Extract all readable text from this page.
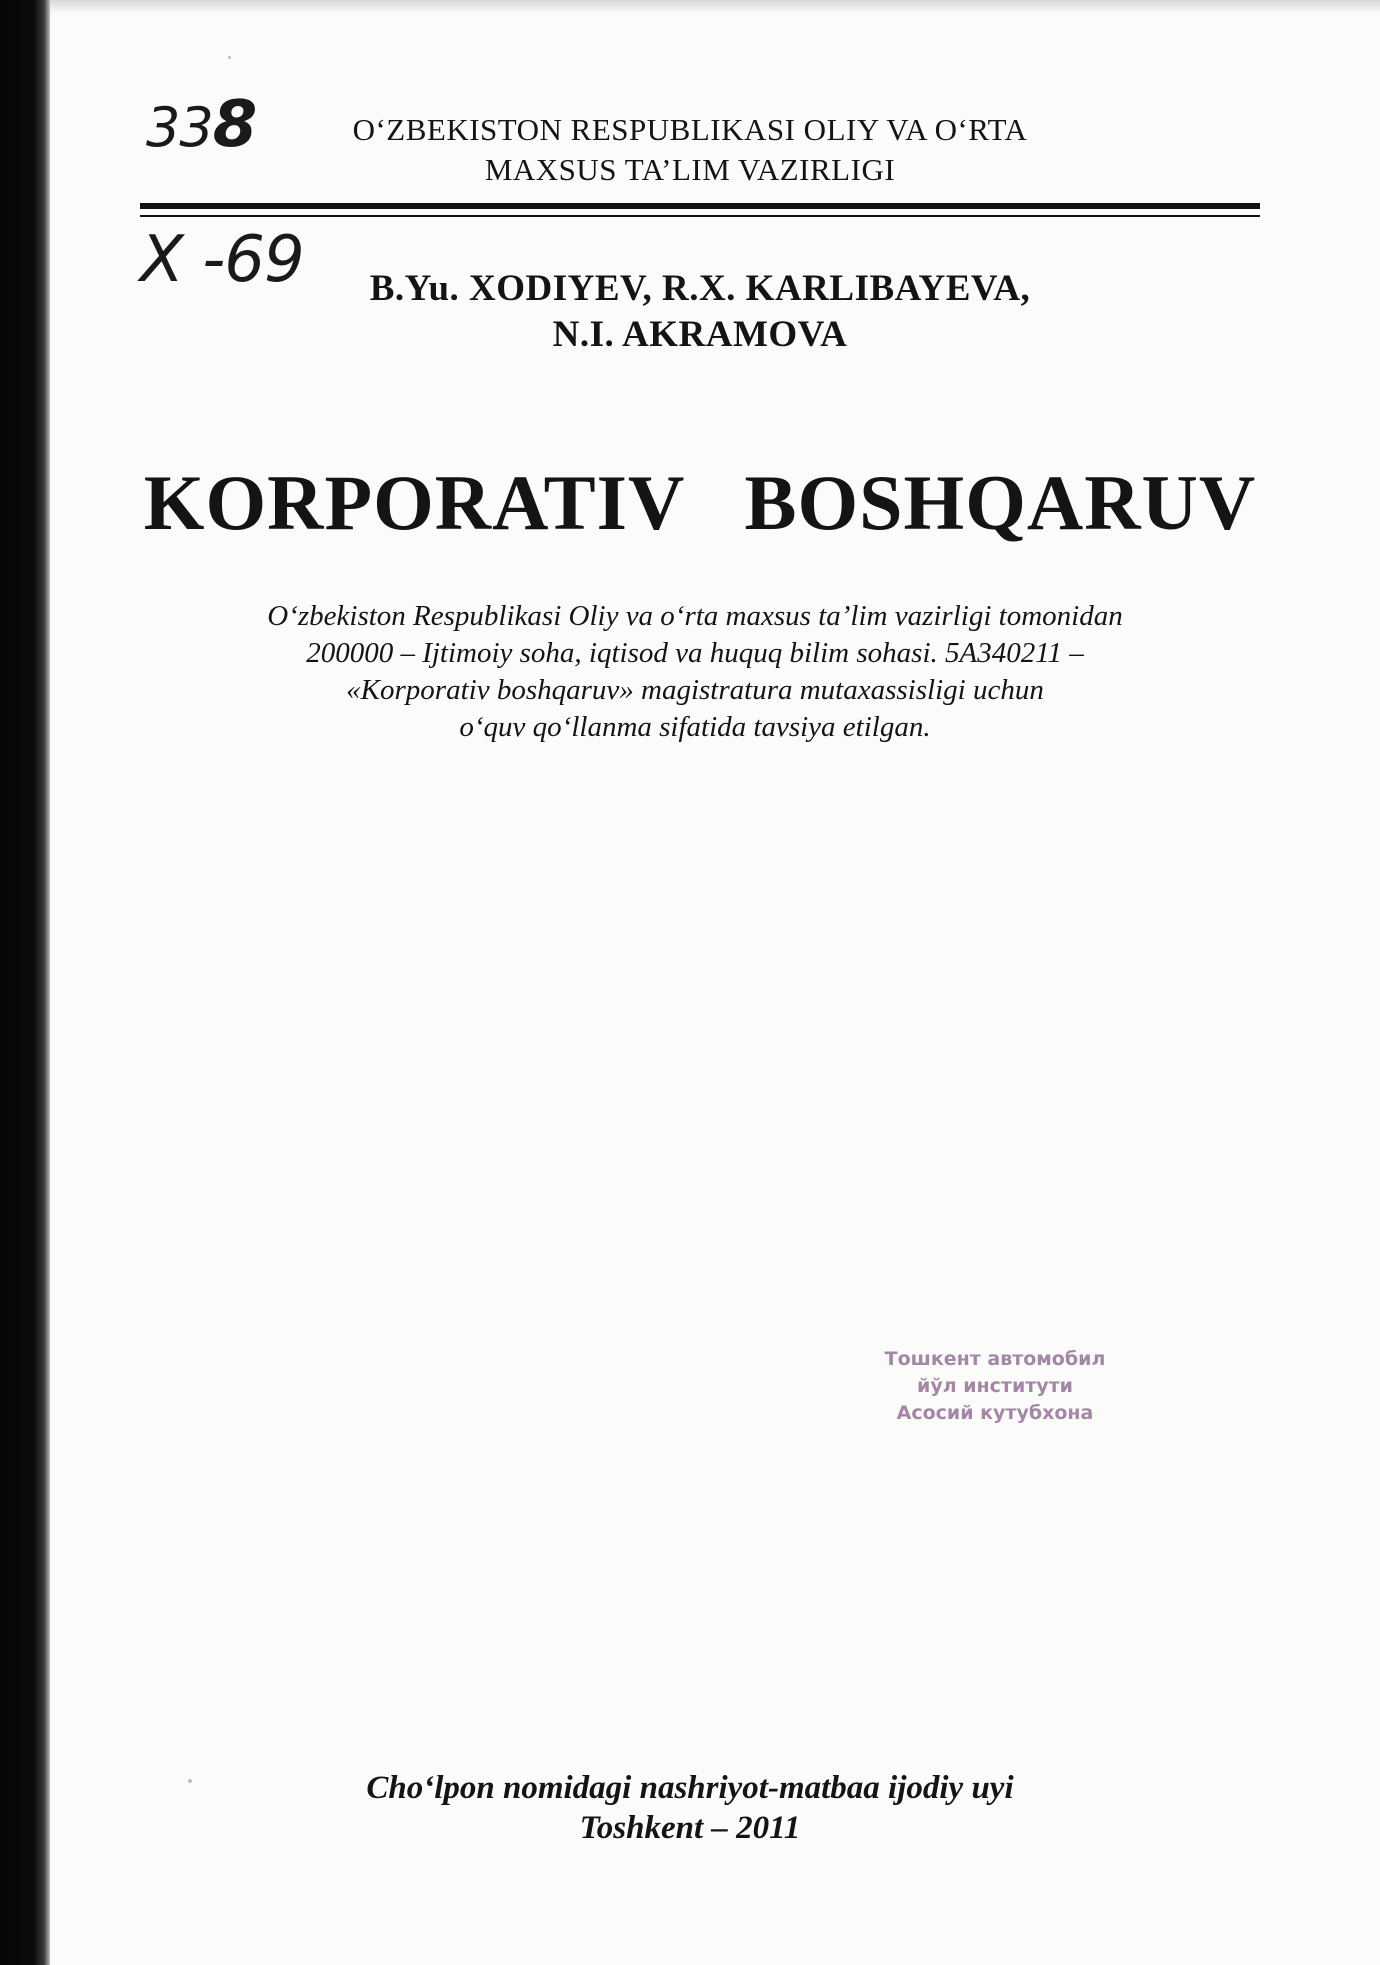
338
X -69
O‘ZBEKISTON RESPUBLIKASI OLIY VA O‘RTA
MAXSUS TA’LIM VAZIRLIGI
B.Yu. XODIYEV, R.X. KARLIBAYEVA,
N.I. AKRAMOVA
KORPORATIV BOSHQARUV
O‘zbekiston Respublikasi Oliy va o‘rta maxsus ta’lim vazirligi tomonidan
200000 – Ijtimoiy soha, iqtisod va huquq bilim sohasi. 5A340211 –
«Korporativ boshqaruv» magistratura mutaxassisligi uchun
o‘quv qo‘llanma sifatida tavsiya etilgan.
Тошкент автомобил
йўл институти
Асосий кутубхона
Cho‘lpon nomidagi nashriyot-matbaa ijodiy uyi
Toshkent – 2011
